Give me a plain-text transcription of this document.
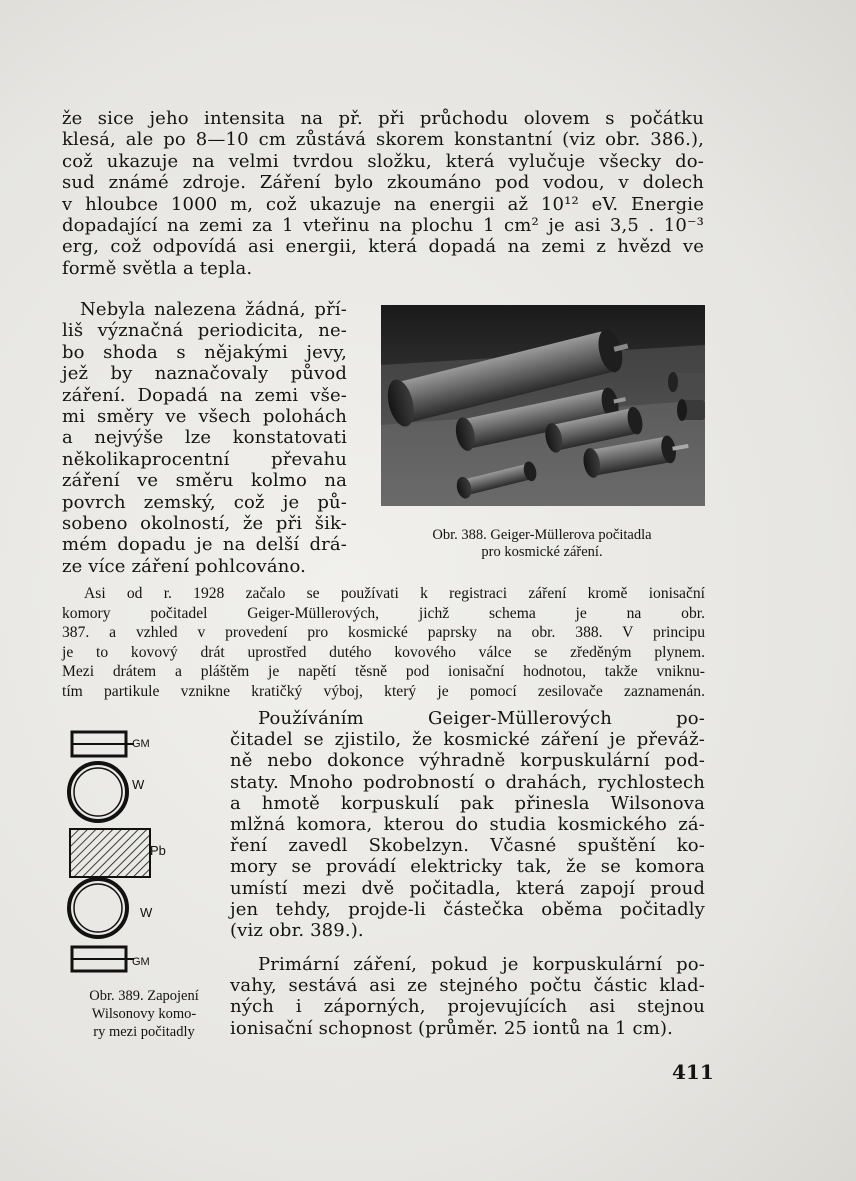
že sice jeho intensita na př. při průchodu olovem s počátku
klesá, ale po 8—10 cm zůstává skorem konstantní (viz obr. 386.),
což ukazuje na velmi tvrdou složku, která vylučuje všecky do-
sud známé zdroje. Záření bylo zkoumáno pod vodou, v dolech
v hloubce 1000 m, což ukazuje na energii až 10¹² eV. Energie
dopadající na zemi za 1 vteřinu na plochu 1 cm² je asi 3,5 . 10⁻³
erg, což odpovídá asi energii, která dopadá na zemi z hvězd ve
formě světla a tepla.
Nebyla nalezena žádná, pří-
liš význačná periodicita, ne-
bo shoda s nějakými jevy,
jež by naznačovaly původ
záření. Dopadá na zemi vše-
mi směry ve všech polohách
a nejvýše lze konstatovati
několikaprocentní převahu
záření ve směru kolmo na
povrch zemský, což je pů-
sobeno okolností, že při šik-
mém dopadu je na delší drá-
ze více záření pohlcováno.
Obr. 388. Geiger-Müllerova počitadla
pro kosmické záření.
Asi od r. 1928 začalo se používati k registraci záření kromě ionisační
komory počitadel Geiger-Müllerových, jichž schema je na obr.
387. a vzhled v provedení pro kosmické paprsky na obr. 388. V principu
je to kovový drát uprostřed dutého kovového válce se zředěným plynem.
Mezi drátem a pláštěm je napětí těsně pod ionisační hodnotou, takže vniknu-
tím partikule vznikne kratičký výboj, který je pomocí zesilovače zaznamenán.
GM
W
Pb
W
GM
Obr. 389. Zapojení
Wilsonovy komo-
ry mezi počitadly
Používáním Geiger-Müllerových po-
čitadel se zjistilo, že kosmické záření je převáž-
ně nebo dokonce výhradně korpuskulární pod-
staty. Mnoho podrobností o drahách, rychlostech
a hmotě korpuskulí pak přinesla Wilsonova
mlžná komora, kterou do studia kosmického zá-
ření zavedl Skobelzyn. Včasné spuštění ko-
mory se provádí elektricky tak, že se komora
umístí mezi dvě počitadla, která zapojí proud
jen tehdy, projde-li částečka oběma počitadly
(viz obr. 389.).
Primární záření, pokud je korpuskulární po-
vahy, sestává asi ze stejného počtu částic klad-
ných i záporných, projevujících asi stejnou
ionisační schopnost (průměr. 25 iontů na 1 cm).
411
